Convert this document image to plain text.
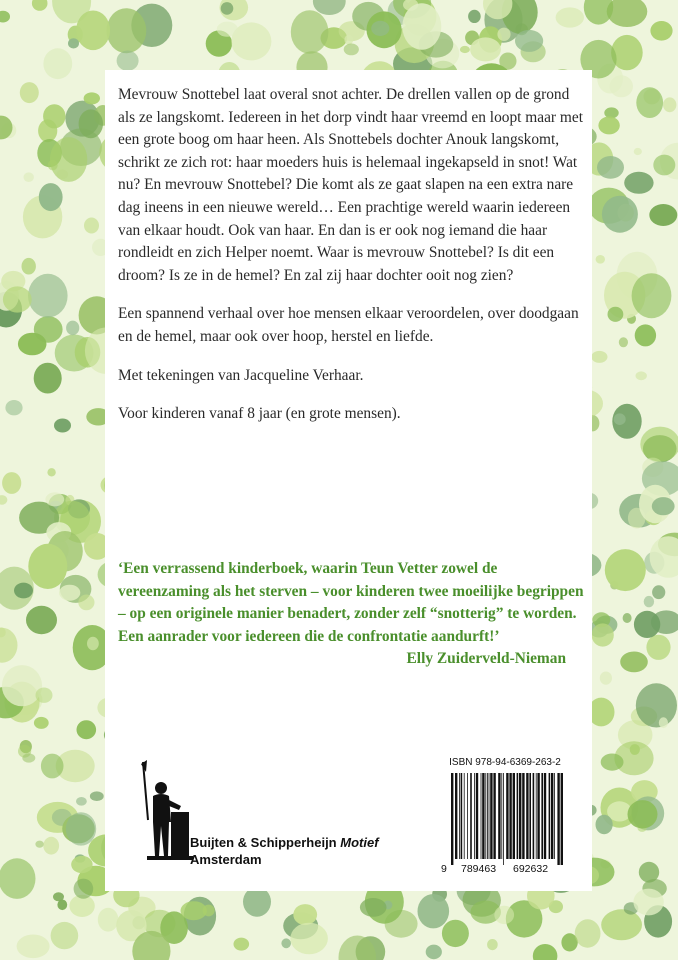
Mevrouw Snottebel laat overal snot achter. De drellen vallen op de grond als ze langskomt. Iedereen in het dorp vindt haar vreemd en loopt maar met een grote boog om haar heen. Als Snottebels dochter Anouk langskomt, schrikt ze zich rot: haar moeders huis is helemaal ingekapseld in snot! Wat nu? En mevrouw Snottebel? Die komt als ze gaat slapen na een extra nare dag ineens in een nieuwe wereld… Een prachtige wereld waarin iedereen van elkaar houdt. Ook van haar. En dan is er ook nog iemand die haar rondleidt en zich Helper noemt. Waar is mevrouw Snottebel? Is dit een droom? Is ze in de hemel? En zal zij haar dochter ooit nog zien?

Een spannend verhaal over hoe mensen elkaar veroordelen, over doodgaan en de hemel, maar ook over hoop, herstel en liefde.

Met tekeningen van Jacqueline Verhaar.

Voor kinderen vanaf 8 jaar (en grote mensen).

‘Een verrassend kinderboek, waarin Teun Vetter zowel de vereenzaming als het sterven – voor kinderen twee moeilijke begrippen – op een originele manier benadert, zonder zelf “snotterig” te worden.

Een aanrader voor iedereen die de confrontatie aandurft!’

Elly Zuiderveld-Nieman

Buijten & Schipperheijn Motief
Amsterdam
ISBN 978-94-6369-263-2
9 789463 692632
